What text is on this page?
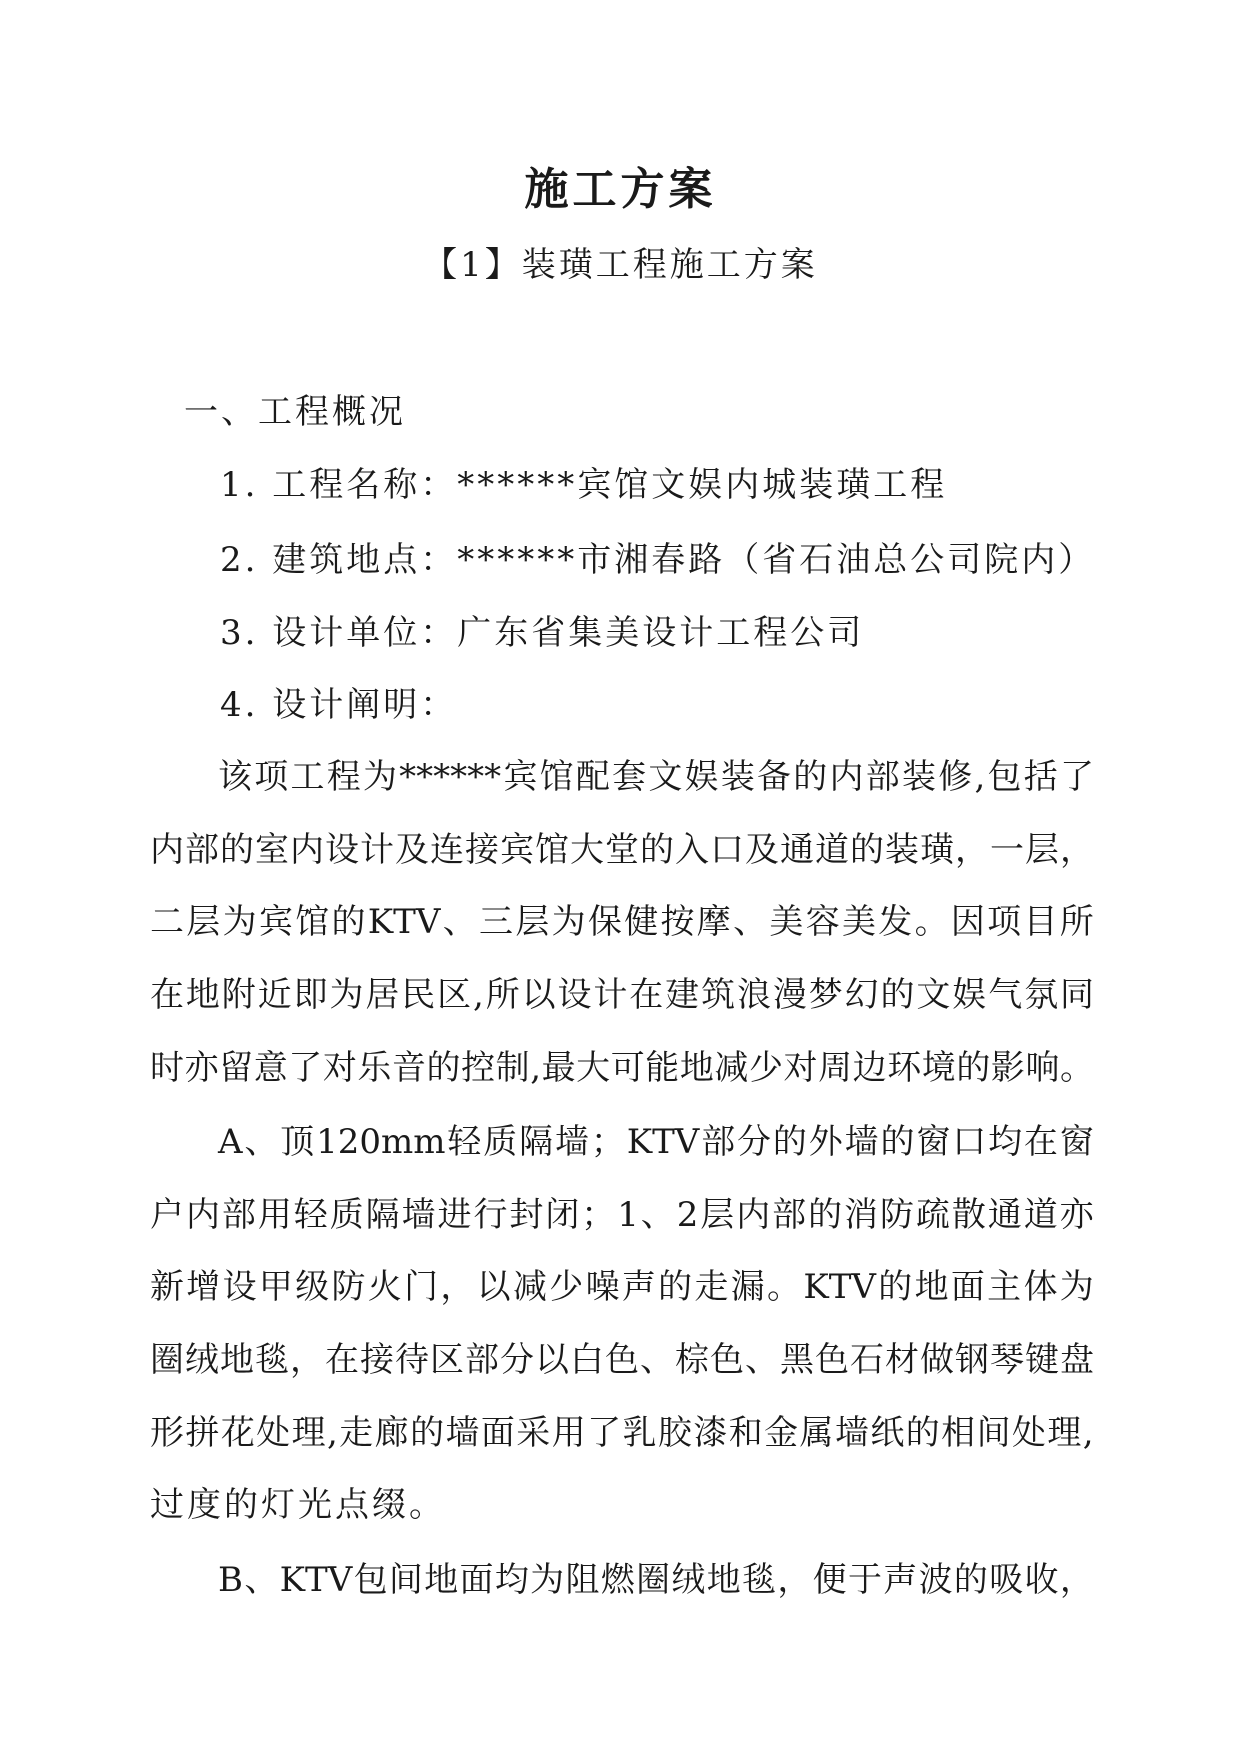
施工方案
【1】装璜工程施工方案
一、工程概况
1. 工程名称：******宾馆文娱内城装璜工程
2. 建筑地点：******市湘春路（省石油总公司院内）
3. 设计单位：广东省集美设计工程公司
4. 设计阐明：
该 项 工 程 为 ****** 宾 馆 配 套 文 娱 装 备 的 内 部 装 修 , 包 括 了
内 部 的 室 内 设 计 及 连 接 宾 馆 大 堂 的 入 口 及 通 道 的 装 璜 ， 一 层 ，
二 层 为 宾 馆 的 KTV 、 三 层 为 保 健 按 摩 、 美 容 美 发 。 因 项 目 所
在 地 附 近 即 为 居 民 区 , 所 以 设 计 在 建 筑 浪 漫 梦 幻 的 文 娱 气 氛 同
时 亦 留 意 了 对 乐 音 的 控 制 , 最 大 可 能 地 减 少 对 周 边 环 境 的 影 响 。
A 、 顶 120mm 轻 质 隔 墙 ； KTV 部 分 的 外 墙 的 窗 口 均 在 窗
户 内 部 用 轻 质 隔 墙 进 行 封 闭 ； 1 、 2 层 内 部 的 消 防 疏 散 通 道 亦
新 增 设 甲 级 防 火 门 ， 以 减 少 噪 声 的 走 漏 。 KTV 的 地 面 主 体 为
圈 绒 地 毯 ， 在 接 待 区 部 分 以 白 色 、 棕 色 、 黑 色 石 材 做 钢 琴 键 盘
形 拼 花 处 理 , 走 廊 的 墙 面 采 用 了 乳 胶 漆 和 金 属 墙 纸 的 相 间 处 理 ,
过度的灯光点缀。
B 、 KTV 包 间 地 面 均 为 阻 燃 圈 绒 地 毯 ， 便 于 声 波 的 吸 收 ，
